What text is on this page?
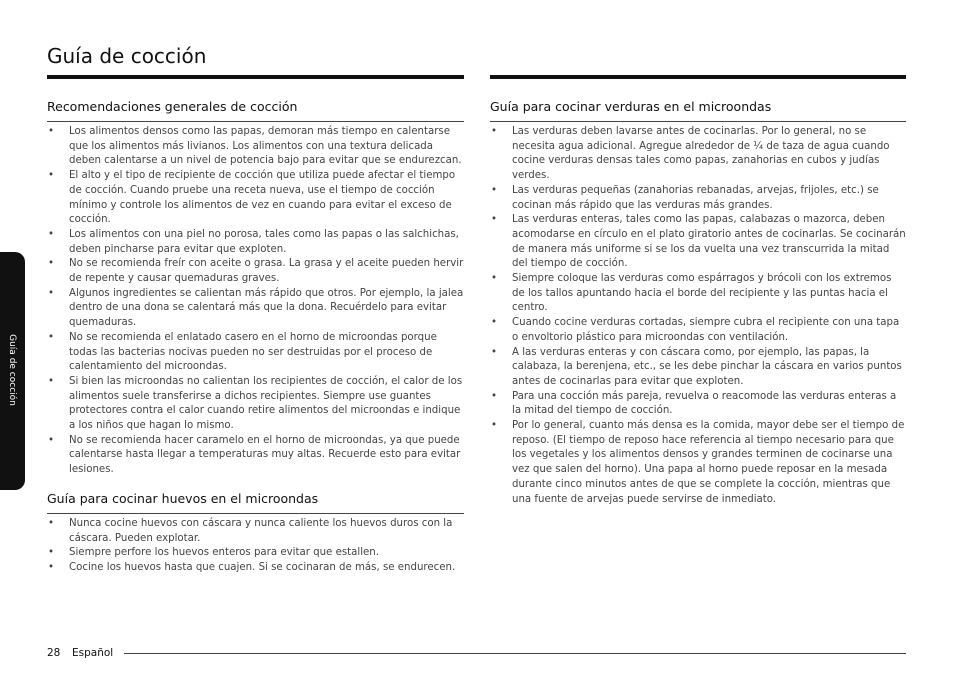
Guía de cocción
Guía de cocción
Recomendaciones generales de cocción
• Los alimentos densos como las papas, demoran más tiempo en calentarse que los alimentos más livianos. Los alimentos con una textura delicada deben calentarse a un nivel de potencia bajo para evitar que se endurezcan.
• El alto y el tipo de recipiente de cocción que utiliza puede afectar el tiempo de cocción. Cuando pruebe una receta nueva, use el tiempo de cocción mínimo y controle los alimentos de vez en cuando para evitar el exceso de cocción.
• Los alimentos con una piel no porosa, tales como las papas o las salchichas, deben pincharse para evitar que exploten.
• No se recomienda freír con aceite o grasa. La grasa y el aceite pueden hervir de repente y causar quemaduras graves.
• Algunos ingredientes se calientan más rápido que otros. Por ejemplo, la jalea dentro de una dona se calentará más que la dona. Recuérdelo para evitar quemaduras.
• No se recomienda el enlatado casero en el horno de microondas porque todas las bacterias nocivas pueden no ser destruidas por el proceso de calentamiento del microondas.
• Si bien las microondas no calientan los recipientes de cocción, el calor de los alimentos suele transferirse a dichos recipientes. Siempre use guantes protectores contra el calor cuando retire alimentos del microondas e indique a los niños que hagan lo mismo.
• No se recomienda hacer caramelo en el horno de microondas, ya que puede calentarse hasta llegar a temperaturas muy altas. Recuerde esto para evitar lesiones.
Guía para cocinar huevos en el microondas
• Nunca cocine huevos con cáscara y nunca caliente los huevos duros con la cáscara. Pueden explotar.
• Siempre perfore los huevos enteros para evitar que estallen.
• Cocine los huevos hasta que cuajen. Si se cocinaran de más, se endurecen.
Guía para cocinar verduras en el microondas
• Las verduras deben lavarse antes de cocinarlas. Por lo general, no se necesita agua adicional. Agregue alrededor de ¼ de taza de agua cuando cocine verduras densas tales como papas, zanahorias en cubos y judías verdes.
• Las verduras pequeñas (zanahorias rebanadas, arvejas, frijoles, etc.) se cocinan más rápido que las verduras más grandes.
• Las verduras enteras, tales como las papas, calabazas o mazorca, deben acomodarse en círculo en el plato giratorio antes de cocinarlas. Se cocinarán de manera más uniforme si se los da vuelta una vez transcurrida la mitad del tiempo de cocción.
• Siempre coloque las verduras como espárragos y brócoli con los extremos de los tallos apuntando hacia el borde del recipiente y las puntas hacia el centro.
• Cuando cocine verduras cortadas, siempre cubra el recipiente con una tapa o envoltorio plástico para microondas con ventilación.
• A las verduras enteras y con cáscara como, por ejemplo, las papas, la calabaza, la berenjena, etc., se les debe pinchar la cáscara en varios puntos antes de cocinarlas para evitar que exploten.
• Para una cocción más pareja, revuelva o reacomode las verduras enteras a la mitad del tiempo de cocción.
• Por lo general, cuanto más densa es la comida, mayor debe ser el tiempo de reposo. (El tiempo de reposo hace referencia al tiempo necesario para que los vegetales y los alimentos densos y grandes terminen de cocinarse una vez que salen del horno). Una papa al horno puede reposar en la mesada durante cinco minutos antes de que se complete la cocción, mientras que una fuente de arvejas puede servirse de inmediato.
28 Español
